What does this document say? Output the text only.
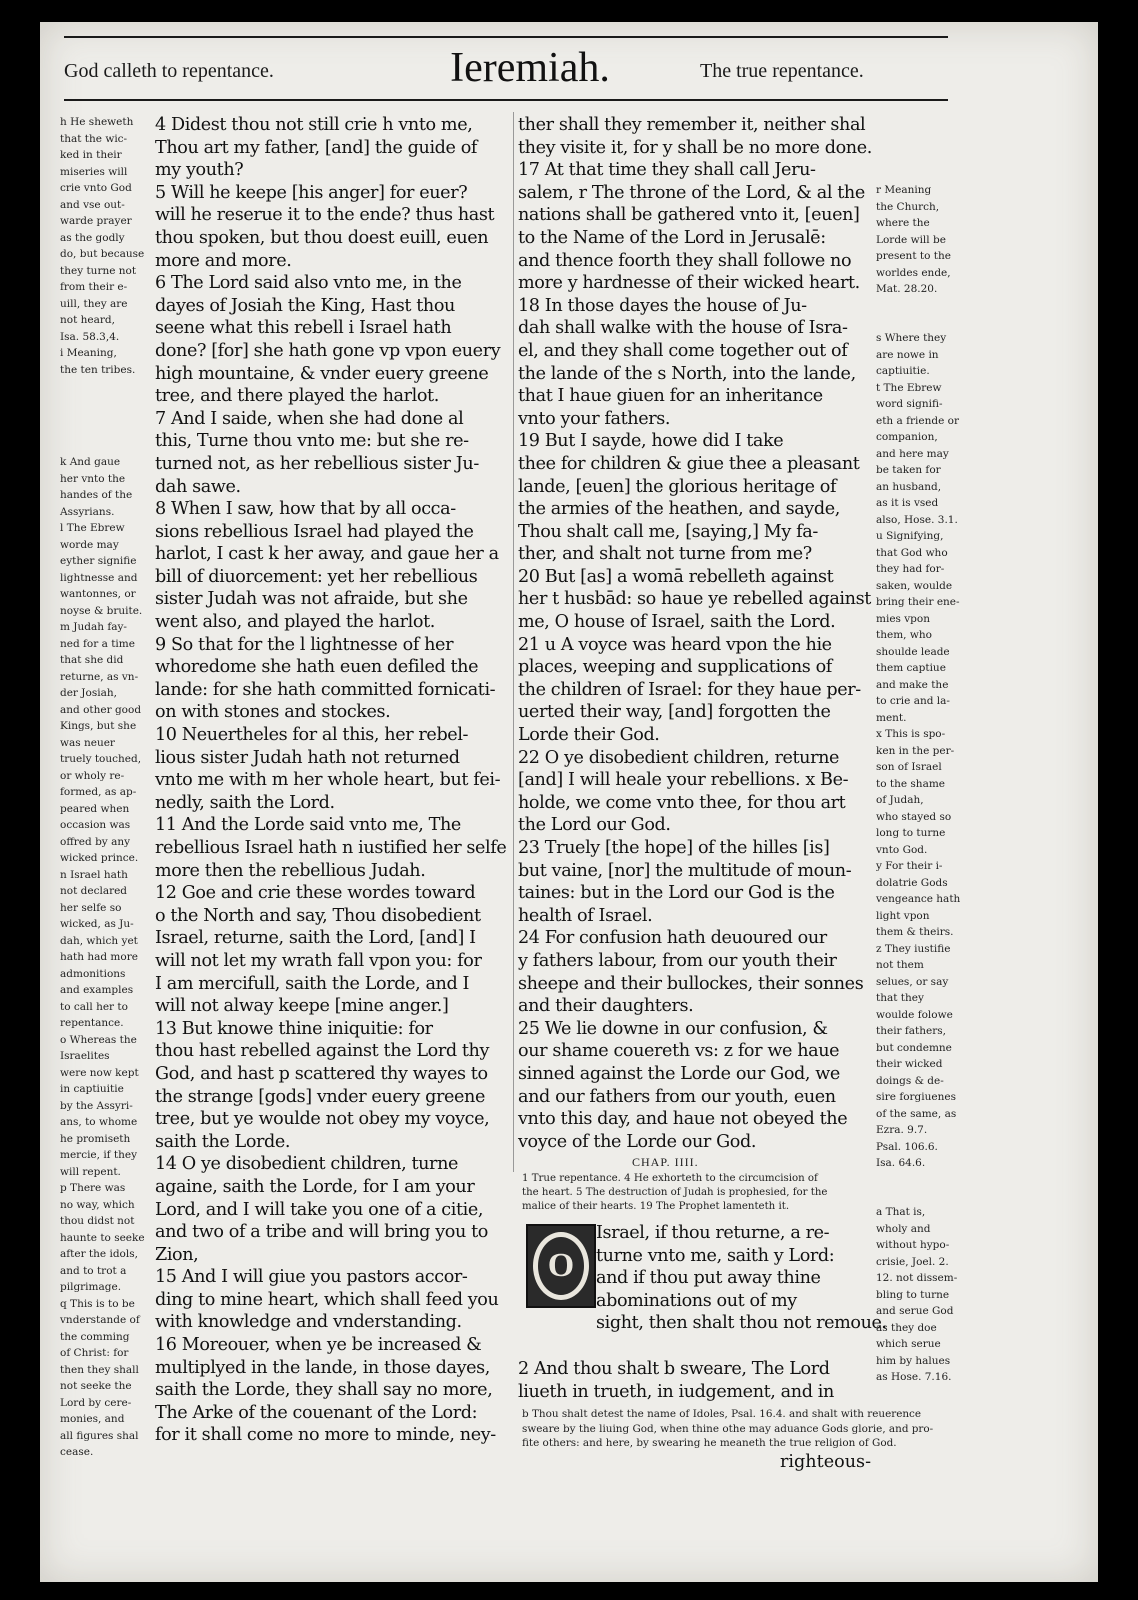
God calleth to repentance.	Ieremiah.	The true repentance.
h He sheweth
that the wic-
ked in their
miseries will
crie vnto God
and vse out-
warde prayer
as the godly
do, but because
they turne not
from their e-
uill, they are
not heard,
Isa. 58.3,4.
i Meaning,
the ten tribes.
k And gaue
her vnto the
handes of the
Assyrians.
l The Ebrew
worde may
eyther signifie
lightnesse and
wantonnes, or
noyse & bruite.
m Judah fay-
ned for a time
that she did
returne, as vn-
der Josiah,
and other good
Kings, but she
was neuer
truely touched,
or wholy re-
formed, as ap-
peared when
occasion was
offred by any
wicked prince.
n Israel hath
not declared
her selfe so
wicked, as Ju-
dah, which yet
hath had more
admonitions
and examples
to call her to
repentance.
o Whereas the
Israelites
were now kept
in captiuitie
by the Assyri-
ans, to whome
he promiseth
mercie, if they
will repent.
p There was
no way, which
thou didst not
haunte to seeke
after the idols,
and to trot a
pilgrimage.
q This is to be
vnderstande of
the comming
of Christ: for
then they shall
not seeke the
Lord by cere-
monies, and
all figures shal
cease.
4 Didest thou not still crie h vnto me,
Thou art my father, [and] the guide of
my youth?
5 Will he keepe [his anger] for euer?
will he reserue it to the ende? thus hast
thou spoken, but thou doest euill, euen
more and more.
6 The Lord said also vnto me, in the
dayes of Josiah the King, Hast thou
seene what this rebell i Israel hath
done? [for] she hath gone vp vpon euery
high mountaine, & vnder euery greene
tree, and there played the harlot.
7 And I saide, when she had done al
this, Turne thou vnto me: but she re-
turned not, as her rebellious sister Ju-
dah sawe.
8 When I saw, how that by all occa-
sions rebellious Israel had played the
harlot, I cast k her away, and gaue her a
bill of diuorcement: yet her rebellious
sister Judah was not afraide, but she
went also, and played the harlot.
9 So that for the l lightnesse of her
whoredome she hath euen defiled the
lande: for she hath committed fornicati-
on with stones and stockes.
10 Neuertheles for al this, her rebel-
lious sister Judah hath not returned
vnto me with m her whole heart, but fei-
nedly, saith the Lord.
11 And the Lorde said vnto me, The
rebellious Israel hath n iustified her selfe
more then the rebellious Judah.
12 Goe and crie these wordes toward
o the North and say, Thou disobedient
Israel, returne, saith the Lord, [and] I
will not let my wrath fall vpon you: for
I am mercifull, saith the Lorde, and I
will not alway keepe [mine anger.]
13 But knowe thine iniquitie: for
thou hast rebelled against the Lord thy
God, and hast p scattered thy wayes to
the strange [gods] vnder euery greene
tree, but ye woulde not obey my voyce,
saith the Lorde.
14 O ye disobedient children, turne
againe, saith the Lorde, for I am your
Lord, and I will take you one of a citie,
and two of a tribe and will bring you to
Zion,
15 And I will giue you pastors accor-
ding to mine heart, which shall feed you
with knowledge and vnderstanding.
16 Moreouer, when ye be increased &
multiplyed in the lande, in those dayes,
saith the Lorde, they shall say no more,
The Arke of the couenant of the Lord:
for it shall come no more to minde, ney-
ther shall they remember it, neither shal
they visite it, for y shall be no more done.
17 At that time they shall call Jeru-
salem, r The throne of the Lord, & al the
nations shall be gathered vnto it, [euen]
to the Name of the Lord in Jerusalē:
and thence foorth they shall followe no
more y hardnesse of their wicked heart.
18 In those dayes the house of Ju-
dah shall walke with the house of Isra-
el, and they shall come together out of
the lande of the s North, into the lande,
that I haue giuen for an inheritance
vnto your fathers.
19 But I sayde, howe did I take
thee for children & giue thee a pleasant
lande, [euen] the glorious heritage of
the armies of the heathen, and sayde,
Thou shalt call me, [saying,] My fa-
ther, and shalt not turne from me?
20 But [as] a womā rebelleth against
her t husbād: so haue ye rebelled against
me, O house of Israel, saith the Lord.
21 u A voyce was heard vpon the hie
places, weeping and supplications of
the children of Israel: for they haue per-
uerted their way, [and] forgotten the
Lorde their God.
22 O ye disobedient children, returne
[and] I will heale your rebellions. x Be-
holde, we come vnto thee, for thou art
the Lord our God.
23 Truely [the hope] of the hilles [is]
but vaine, [nor] the multitude of moun-
taines: but in the Lord our God is the
health of Israel.
24 For confusion hath deuoured our
y fathers labour, from our youth their
sheepe and their bullockes, their sonnes
and their daughters.
25 We lie downe in our confusion, &
our shame couereth vs: z for we haue
sinned against the Lorde our God, we
and our fathers from our youth, euen
vnto this day, and haue not obeyed the
voyce of the Lorde our God.
r Meaning
the Church,
where the
Lorde will be
present to the
worldes ende,
Mat. 28.20.
s Where they
are nowe in
captiuitie.
t The Ebrew
word signifi-
eth a friende or
companion,
and here may
be taken for
an husband,
as it is vsed
also, Hose. 3.1.
u Signifying,
that God who
they had for-
saken, woulde
bring their ene-
mies vpon
them, who
shoulde leade
them captiue
and make the
to crie and la-
ment.
x This is spo-
ken in the per-
son of Israel
to the shame
of Judah,
who stayed so
long to turne
vnto God.
y For their i-
dolatrie Gods
vengeance hath
light vpon
them & theirs.
z They iustifie
not them
selues, or say
that they
woulde folowe
their fathers,
but condemne
their wicked
doings & de-
sire forgiuenes
of the same, as
Ezra. 9.7.
Psal. 106.6.
Isa. 64.6.
a That is,
wholy and
without hypo-
crisie, Joel. 2.
12. not dissem-
bling to turne
and serue God
as they doe
which serue
him by halues
as Hose. 7.16.
CHAP. IIII.
1 True repentance. 4 He exhorteth to the circumcision of
the heart. 5 The destruction of Judah is prophesied, for the
malice of their hearts. 19 The Prophet lamenteth it.
O
Israel, if thou returne, a re-
turne vnto me, saith y Lord:
and if thou put away thine
abominations out of my
sight, then shalt thou not remoue.
2 And thou shalt b sweare, The Lord
liueth in trueth, in iudgement, and in
b Thou shalt detest the name of Idoles, Psal. 16.4. and shalt with reuerence
sweare by the liuing God, when thine othe may aduance Gods glorie, and pro-
fite others: and here, by swearing he meaneth the true religion of God.
righteous-
